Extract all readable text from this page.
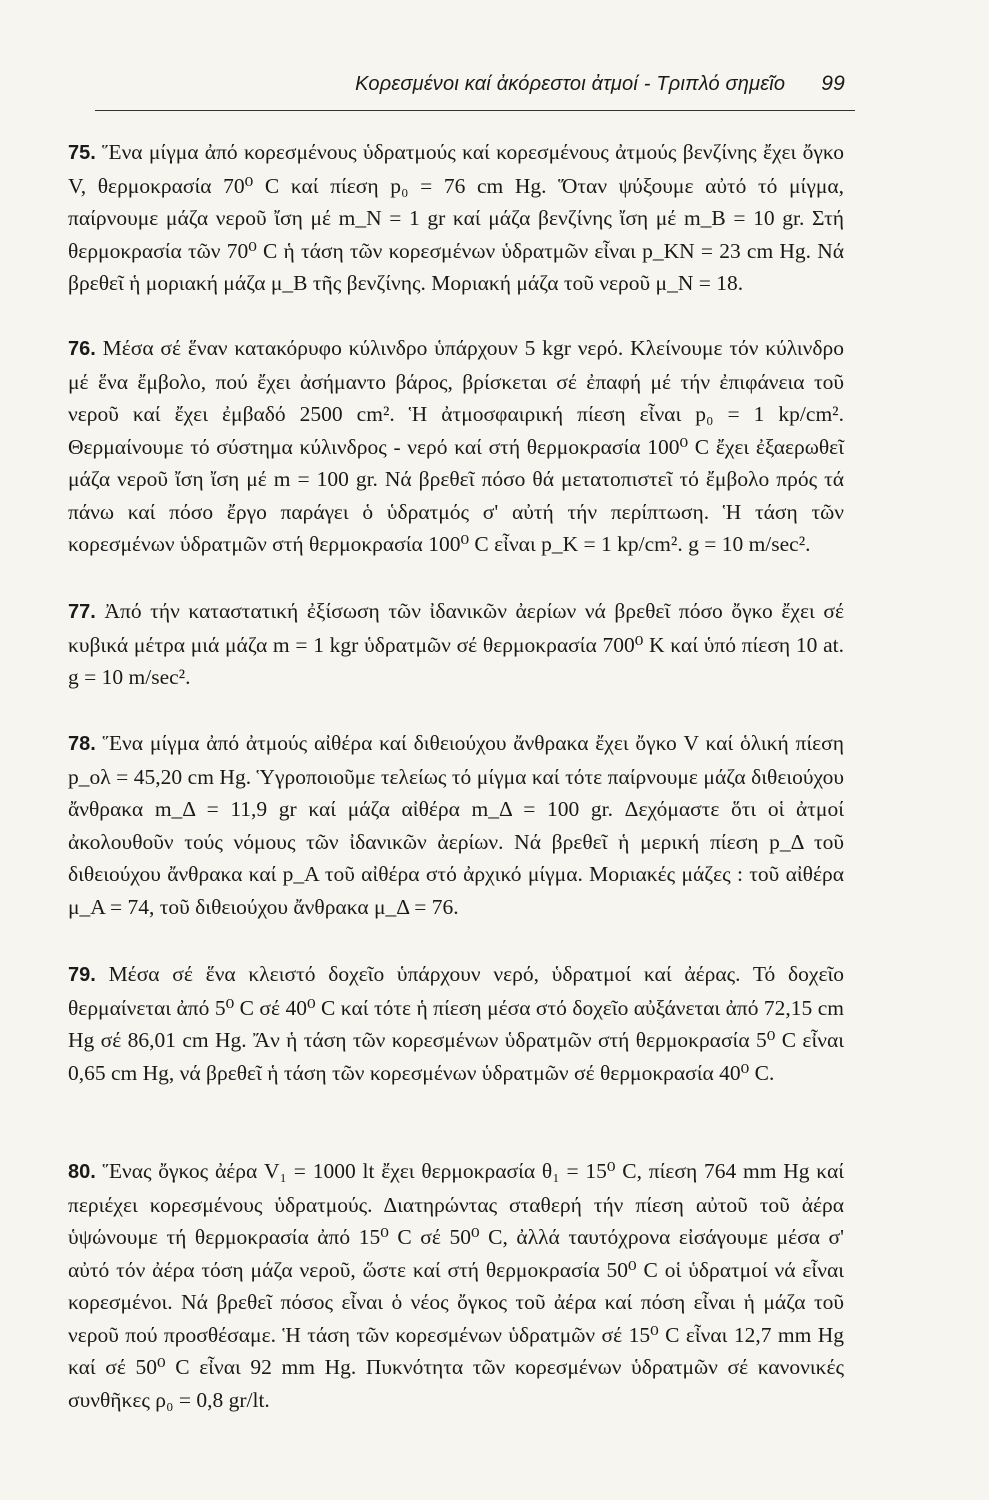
Κορεσμένοι καί ἀκόρεστοι ἀτμοί - Τριπλό σημεῖο 99

75. Ἕνα μίγμα ἀπό κορεσμένους ὑδρατμούς καί κορεσμένους ἀτμούς βενζίνης ἔχει ὄγκο V, θερμοκρασία 70⁰ C καί πίεση p₀ = 76 cm Hg. Ὅταν ψύξουμε αὐτό τό μίγμα, παίρνουμε μάζα νεροῦ ἴση μέ m_N = 1 gr καί μάζα βενζίνης ἴση μέ m_B = 10 gr. Στή θερμοκρασία τῶν 70⁰ C ἡ τάση τῶν κορεσμένων ὑδρατμῶν εἶναι p_KN = 23 cm Hg. Νά βρεθεῖ ἡ μοριακή μάζα μ_B τῆς βενζίνης. Μοριακή μάζα τοῦ νεροῦ μ_N = 18.

76. Μέσα σέ ἕναν κατακόρυφο κύλινδρο ὑπάρχουν 5 kgr νερό. Κλείνουμε τόν κύλινδρο μέ ἕνα ἔμβολο, πού ἔχει ἀσήμαντο βάρος, βρίσκεται σέ ἐπαφή μέ τήν ἐπιφάνεια τοῦ νεροῦ καί ἔχει ἐμβαδό 2500 cm². Ἡ ἀτμοσφαιρική πίεση εἶναι p₀ = 1 kp/cm². Θερμαίνουμε τό σύστημα κύλινδρος - νερό καί στή θερμοκρασία 100⁰ C ἔχει ἐξαερωθεῖ μάζα νεροῦ ἴση ἴση μέ m = 100 gr. Νά βρεθεῖ πόσο θά μετατοπιστεῖ τό ἔμβολο πρός τά πάνω καί πόσο ἔργο παράγει ὁ ὑδρατμός σ' αὐτή τήν περίπτωση. Ἡ τάση τῶν κορεσμένων ὑδρατμῶν στή θερμοκρασία 100⁰ C εἶναι p_K = 1 kp/cm². g = 10 m/sec².

77. Ἀπό τήν καταστατική ἐξίσωση τῶν ἰδανικῶν ἀερίων νά βρεθεῖ πόσο ὄγκο ἔχει σέ κυβικά μέτρα μιά μάζα m = 1 kgr ὑδρατμῶν σέ θερμοκρασία 700⁰ K καί ὑπό πίεση 10 at. g = 10 m/sec².

78. Ἕνα μίγμα ἀπό ἀτμούς αἰθέρα καί διθειούχου ἄνθρακα ἔχει ὄγκο V καί ὁλική πίεση p_ολ = 45,20 cm Hg. Ὑγροποιοῦμε τελείως τό μίγμα καί τότε παίρνουμε μάζα διθειούχου ἄνθρακα m_Δ = 11,9 gr καί μάζα αἰθέρα m_Δ = 100 gr. Δεχόμαστε ὅτι οἱ ἀτμοί ἀκολουθοῦν τούς νόμους τῶν ἰδανικῶν ἀερίων. Νά βρεθεῖ ἡ μερική πίεση p_Δ τοῦ διθειούχου ἄνθρακα καί p_A τοῦ αἰθέρα στό ἀρχικό μίγμα. Μοριακές μάζες : τοῦ αἰθέρα μ_A = 74, τοῦ διθειούχου ἄνθρακα μ_Δ = 76.

79. Μέσα σέ ἕνα κλειστό δοχεῖο ὑπάρχουν νερό, ὑδρατμοί καί ἀέρας. Τό δοχεῖο θερμαίνεται ἀπό 5⁰ C σέ 40⁰ C καί τότε ἡ πίεση μέσα στό δοχεῖο αὐξάνεται ἀπό 72,15 cm Hg σέ 86,01 cm Hg. Ἄν ἡ τάση τῶν κορεσμένων ὑδρατμῶν στή θερμοκρασία 5⁰ C εἶναι 0,65 cm Hg, νά βρεθεῖ ἡ τάση τῶν κορεσμένων ὑδρατμῶν σέ θερμοκρασία 40⁰ C.

80. Ἕνας ὄγκος ἀέρα V₁ = 1000 lt ἔχει θερμοκρασία θ₁ = 15⁰ C, πίεση 764 mm Hg καί περιέχει κορεσμένους ὑδρατμούς. Διατηρώντας σταθερή τήν πίεση αὐτοῦ τοῦ ἀέρα ὑψώνουμε τή θερμοκρασία ἀπό 15⁰ C σέ 50⁰ C, ἀλλά ταυτόχρονα εἰσάγουμε μέσα σ' αὐτό τόν ἀέρα τόση μάζα νεροῦ, ὥστε καί στή θερμοκρασία 50⁰ C οἱ ὑδρατμοί νά εἶναι κορεσμένοι. Νά βρεθεῖ πόσος εἶναι ὁ νέος ὄγκος τοῦ ἀέρα καί πόση εἶναι ἡ μάζα τοῦ νεροῦ πού προσθέσαμε. Ἡ τάση τῶν κορεσμένων ὑδρατμῶν σέ 15⁰ C εἶναι 12,7 mm Hg καί σέ 50⁰ C εἶναι 92 mm Hg. Πυκνότητα τῶν κορεσμένων ὑδρατμῶν σέ κανονικές συνθῆκες ρ₀ = 0,8 gr/lt.
